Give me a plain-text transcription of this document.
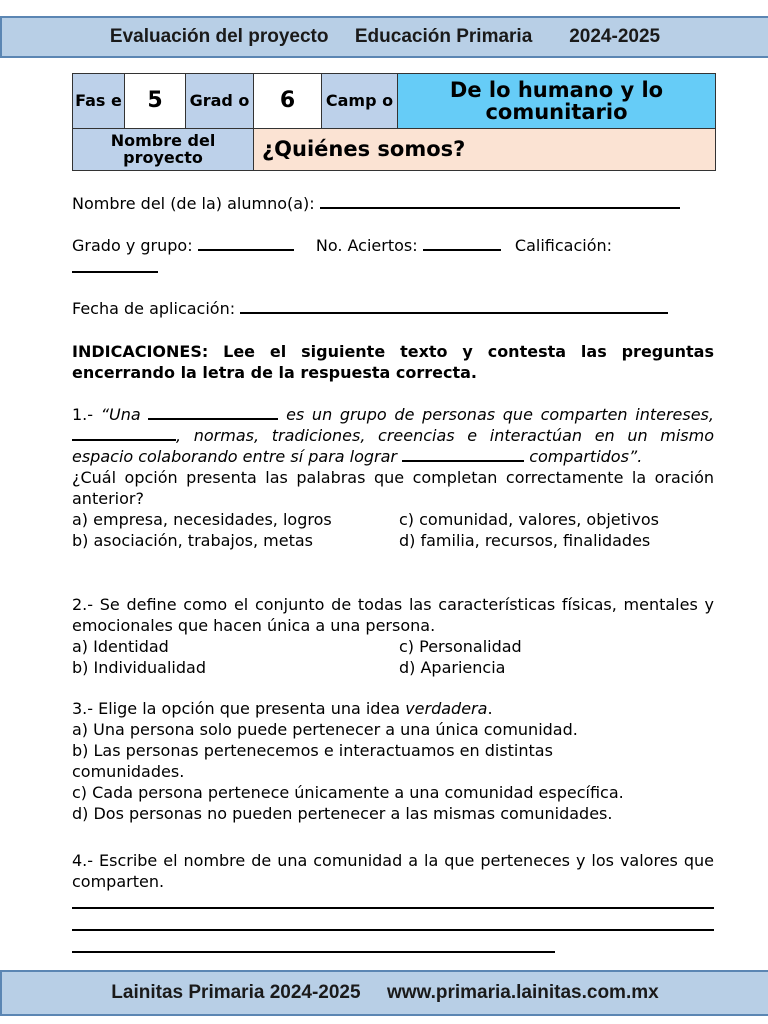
Evaluación del proyecto
Educación Primaria
2024-2025
Fas e	5	Grad o	6	Camp o	De lo humano y lo comunitario
Nombre del proyecto			¿Quiénes somos?		
Nombre del (de la) alumno(a):
Grado y grupo:	No. Aciertos:	Calificación:
Fecha de aplicación:
INDICACIONES: Lee el siguiente texto y contesta las preguntas encerrando la letra de la respuesta correcta.
1.- “Una	es un grupo de personas que comparten intereses, , normas, tradiciones, creencias e interactúan en un mismo espacio colaborando entre sí para lograr	compartidos”.
¿Cuál opción presenta las palabras que completan correctamente la oración anterior?
a) empresa, necesidades, logros	c) comunidad, valores, objetivos
b) asociación, trabajos, metas	d) familia, recursos, finalidades
2.- Se define como el conjunto de todas las características físicas, mentales y emocionales que hacen única a una persona.
a) Identidad	c) Personalidad
b) Individualidad	d) Apariencia
3.- Elige la opción que presenta una idea verdadera.
a) Una persona solo puede pertenecer a una única comunidad.
b) Las personas pertenecemos e interactuamos en distintas comunidades.
c) Cada persona pertenece únicamente a una comunidad específica.
d) Dos personas no pueden pertenecer a las mismas comunidades.
4.- Escribe el nombre de una comunidad a la que perteneces y los valores que comparten.
Lainitas Primaria 2024-2025
www.primaria.lainitas.com.mx
